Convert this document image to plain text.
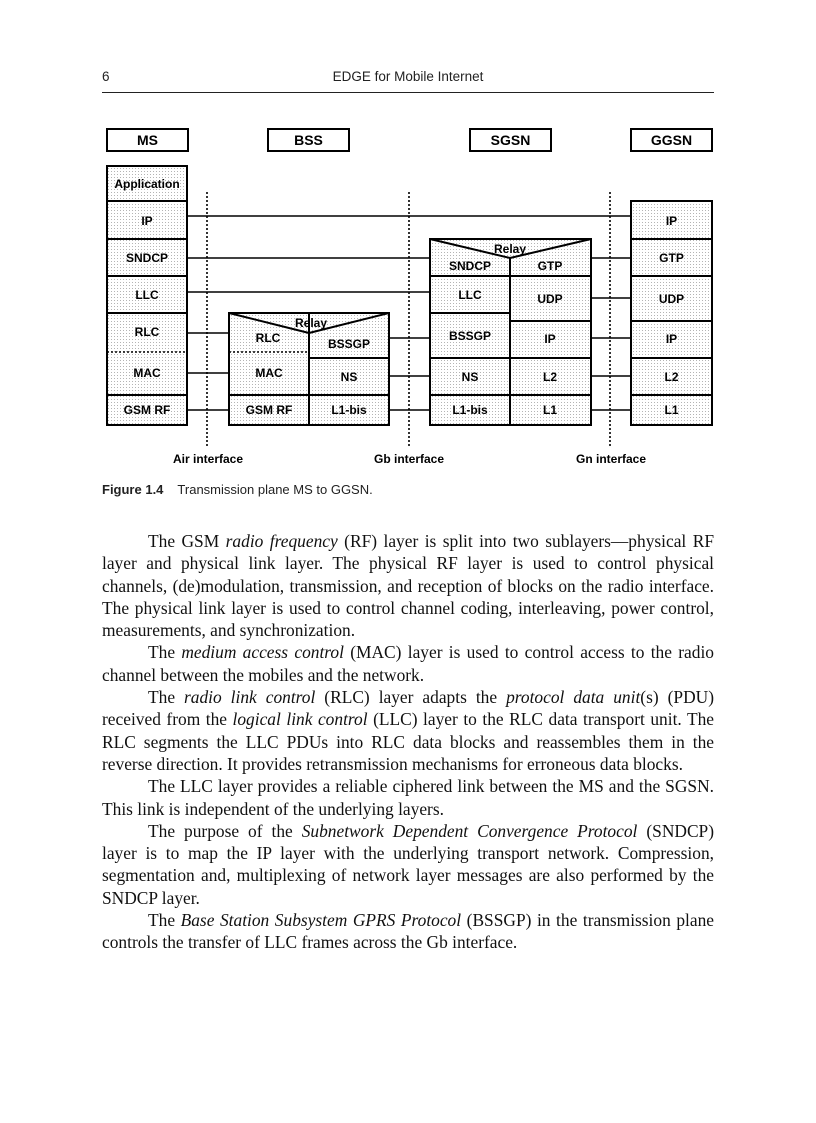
6	EDGE for Mobile Internet
MS	BSS	SGSN	GGSN
Application
IP
SNDCP
LLC
RLC
MAC
GSM RF
Relay
RLC	BSSGP
MAC	NS
GSM RF	L1-bis
Relay
SNDCP	GTP
LLC	UDP
BSSGP	IP
NS	L2
L1-bis	L1
IP
GTP
UDP
IP
L2
L1
Air interface	Gb interface	Gn interface
Figure 1.4 Transmission plane MS to GGSN.

The GSM radio frequency (RF) layer is split into two sublayers—physical RF layer and physical link layer. The physical RF layer is used to control physical channels, (de)modulation, transmission, and reception of blocks on the radio interface. The physical link layer is used to control channel coding, interleaving, power control, measurements, and synchronization.

The medium access control (MAC) layer is used to control access to the radio channel between the mobiles and the network.

The radio link control (RLC) layer adapts the protocol data unit(s) (PDU) received from the logical link control (LLC) layer to the RLC data transport unit. The RLC segments the LLC PDUs into RLC data blocks and reassembles them in the reverse direction. It provides retransmission mechanisms for erroneous data blocks.

The LLC layer provides a reliable ciphered link between the MS and the SGSN. This link is independent of the underlying layers.

The purpose of the Subnetwork Dependent Convergence Protocol (SNDCP) layer is to map the IP layer with the underlying transport network. Compression, segmentation and, multiplexing of network layer messages are also performed by the SNDCP layer.

The Base Station Subsystem GPRS Protocol (BSSGP) in the transmission plane controls the transfer of LLC frames across the Gb interface.
